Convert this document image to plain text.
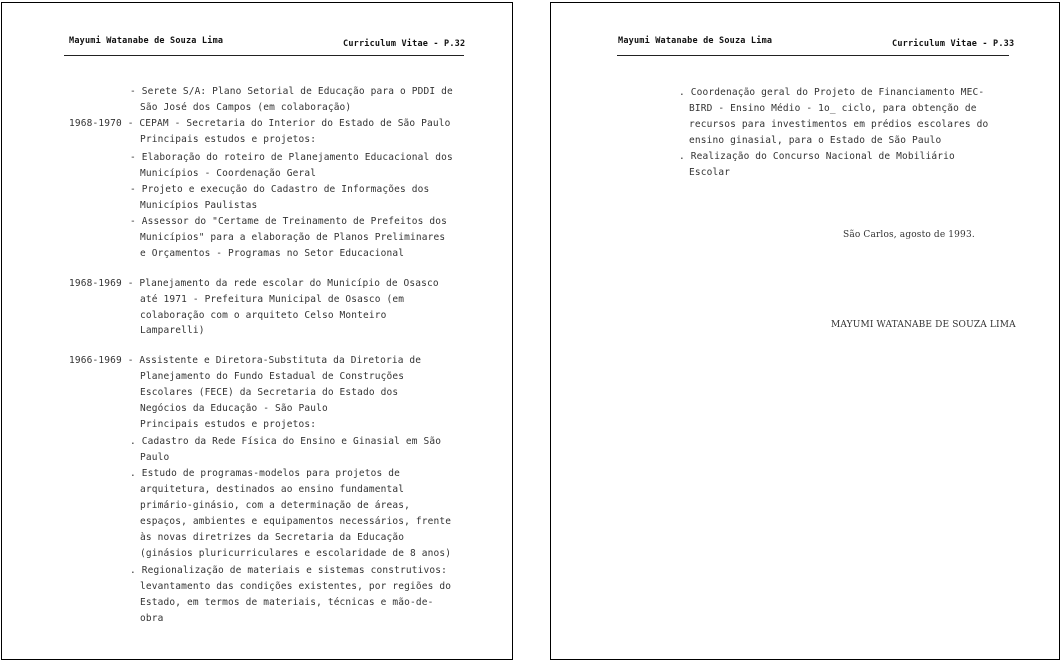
Mayumi Watanabe de Souza Lima	Curriculum Vitae - P.32
- Serete S/A: Plano Setorial de Educação para o PDDI de
São José dos Campos (em colaboração)
1968-1970 - CEPAM - Secretaria do Interior do Estado de São Paulo
Principais estudos e projetos:
- Elaboração do roteiro de Planejamento Educacional dos
Municípios - Coordenação Geral
- Projeto e execução do Cadastro de Informações dos
Municípios Paulistas
- Assessor do "Certame de Treinamento de Prefeitos dos
Municípios" para a elaboração de Planos Preliminares
e Orçamentos - Programas no Setor Educacional
1968-1969 - Planejamento da rede escolar do Município de Osasco
até 1971 - Prefeitura Municipal de Osasco (em
colaboração com o arquiteto Celso Monteiro
Lamparelli)
1966-1969 - Assistente e Diretora-Substituta da Diretoria de
Planejamento do Fundo Estadual de Construções
Escolares (FECE) da Secretaria do Estado dos
Negócios da Educação - São Paulo
Principais estudos e projetos:
. Cadastro da Rede Física do Ensino e Ginasial em São
Paulo
. Estudo de programas-modelos para projetos de
arquitetura, destinados ao ensino fundamental
primário-ginásio, com a determinação de áreas,
espaços, ambientes e equipamentos necessários, frente
às novas diretrizes da Secretaria da Educação
(ginásios pluricurriculares e escolaridade de 8 anos)
. Regionalização de materiais e sistemas construtivos:
levantamento das condições existentes, por regiões do
Estado, em termos de materiais, técnicas e mão-de-
obra
Mayumi Watanabe de Souza Lima	Curriculum Vitae - P.33
. Coordenação geral do Projeto de Financiamento MEC-
BIRD - Ensino Médio - 1o_ ciclo, para obtenção de
recursos para investimentos em prédios escolares do
ensino ginasial, para o Estado de São Paulo
. Realização do Concurso Nacional de Mobiliário
Escolar
São Carlos, agosto de 1993.
MAYUMI WATANABE DE SOUZA LIMA
